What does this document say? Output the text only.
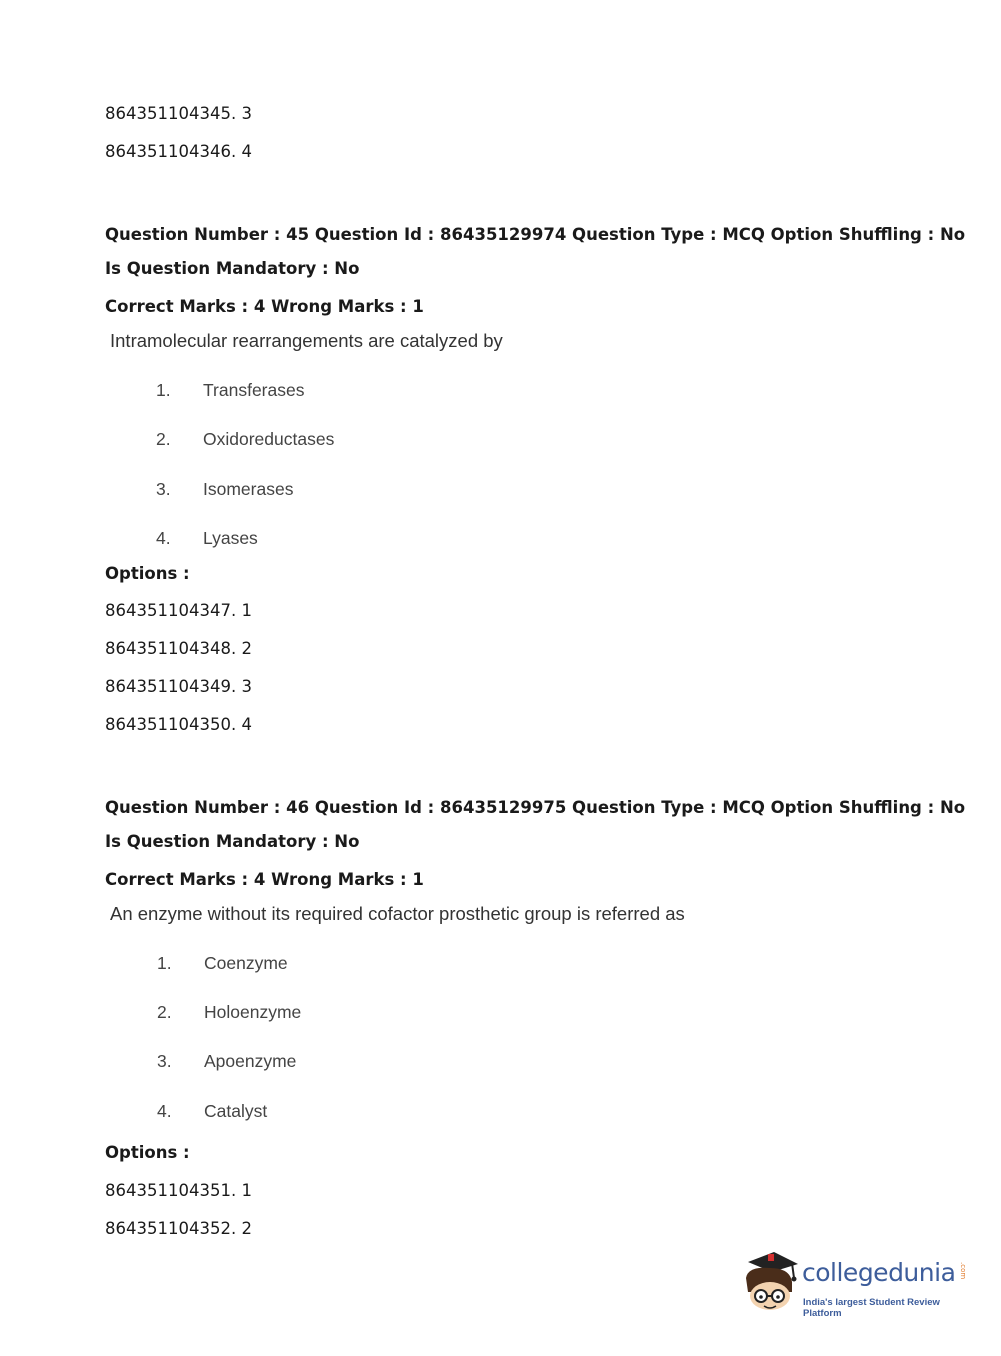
864351104345. 3
864351104346. 4
Question Number : 45 Question Id : 86435129974 Question Type : MCQ Option Shuffling : No
Is Question Mandatory : No
Correct Marks : 4 Wrong Marks : 1
Intramolecular rearrangements are catalyzed by
1. Transferases
2. Oxidoreductases
3. Isomerases
4. Lyases
Options :
864351104347. 1
864351104348. 2
864351104349. 3
864351104350. 4
Question Number : 46 Question Id : 86435129975 Question Type : MCQ Option Shuffling : No
Is Question Mandatory : No
Correct Marks : 4 Wrong Marks : 1
An enzyme without its required cofactor prosthetic group is referred as
1. Coenzyme
2. Holoenzyme
3. Apoenzyme
4. Catalyst
Options :
864351104351. 1
864351104352. 2
collegedunia .com
India's largest Student Review Platform
